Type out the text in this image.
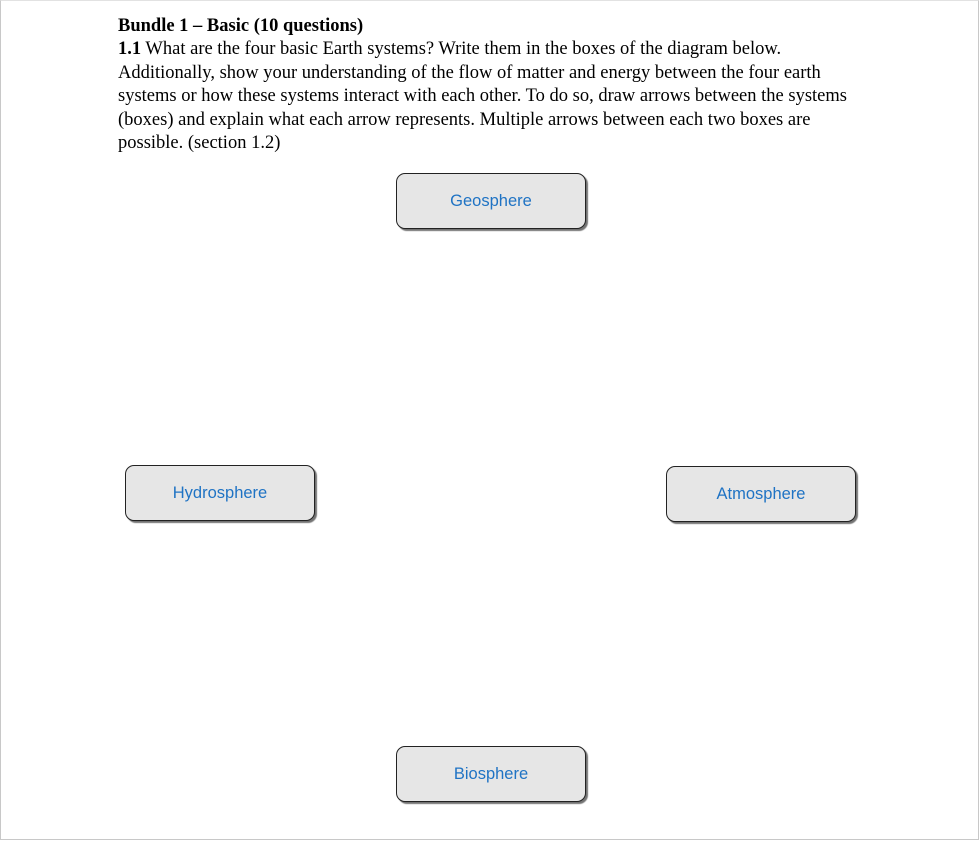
Bundle 1 – Basic (10 questions)
1.1 What are the four basic Earth systems? Write them in the boxes of the diagram below. Additionally, show your understanding of the flow of matter and energy between the four earth systems or how these systems interact with each other. To do so, draw arrows between the systems (boxes) and explain what each arrow represents. Multiple arrows between each two boxes are possible. (section 1.2)
Geosphere
Hydrosphere	Atmosphere
Biosphere
